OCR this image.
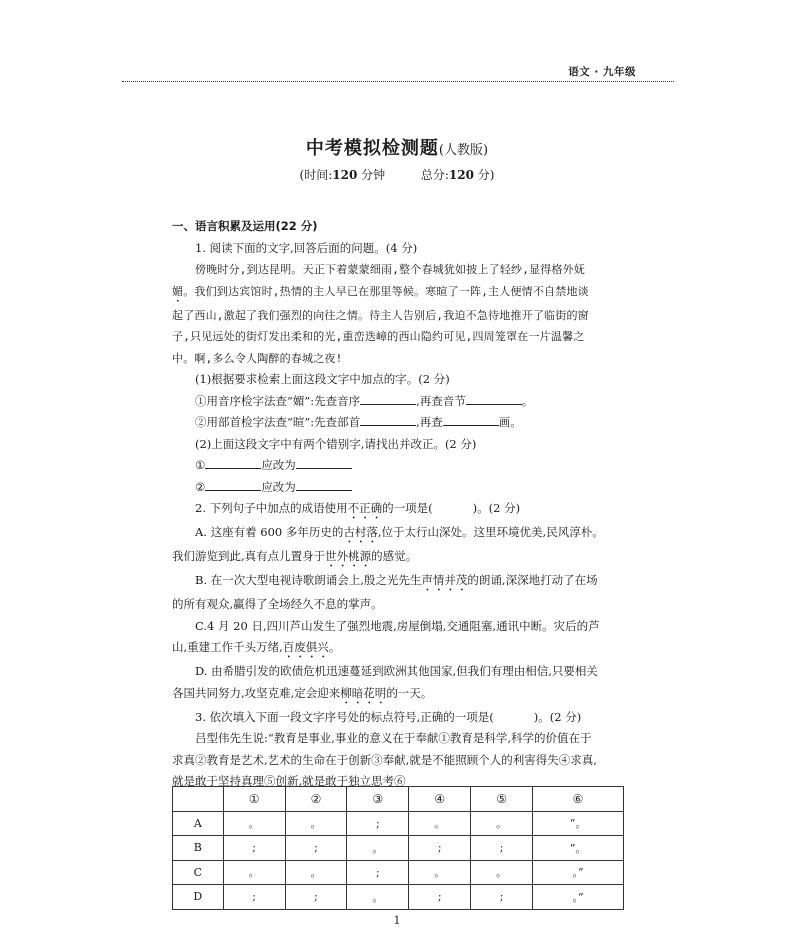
语文 · 九年级
中考模拟检测题(人教版)
(时间:120 分钟	总分:120 分)
一、语言积累及运用(22 分)
1. 阅读下面的文字,回答后面的问题。(4 分)
傍晚时分,到达昆明。天正下着蒙蒙细雨,整个春城犹如披上了轻纱,显得格外妩
媚。我们到达宾馆时,热情的主人早已在那里等候。寒暄了一阵,主人便情不自禁地谈
起了西山,激起了我们强烈的向往之情。待主人告别后,我迫不急待地推开了临街的窗
子,只见远处的街灯发出柔和的光,重峦迭嶂的西山隐约可见,四周笼罩在一片温馨之
中。啊,多么令人陶醉的春城之夜!
(1)根据要求检索上面这段文字中加点的字。(2 分)
①用音序检字法查“媚”:先查音序	,再查音节	。
②用部首检字法查“暄”:先查部首	,再查	画。
(2)上面这段文字中有两个错别字,请找出并改正。(2 分)
①	应改为
②	应改为
2. 下列句子中加点的成语使用不正确的一项是(	)。(2 分)
A. 这座有着 600 多年历史的古村落,位于太行山深处。这里环境优美,民风淳朴。
我们游览到此,真有点儿置身于世外桃源的感觉。
B. 在一次大型电视诗歌朗诵会上,殷之光先生声情并茂的朗诵,深深地打动了在场
的所有观众,赢得了全场经久不息的掌声。
C.4 月 20 日,四川芦山发生了强烈地震,房屋倒塌,交通阻塞,通讯中断。灾后的芦
山,重建工作千头万绪,百废俱兴。
D. 由希腊引发的欧债危机迅速蔓延到欧洲其他国家,但我们有理由相信,只要相关
各国共同努力,攻坚克难,定会迎来柳暗花明的一天。
3. 依次填入下面一段文字序号处的标点符号,正确的一项是(	)。(2 分)
吕型伟先生说:“教育是事业,事业的意义在于奉献①教育是科学,科学的价值在于
求真②教育是艺术,艺术的生命在于创新③奉献,就是不能照顾个人的利害得失④求真,
就是敢于坚持真理⑤创新,就是敢于独立思考⑥
	①	②	③	④	⑤	⑥
A	。	。	;	。	。	“。
B	;	;	。	;	;	”。
C	。	。	;	。	。	。”
D	;	;	。	;	;	。”
1
